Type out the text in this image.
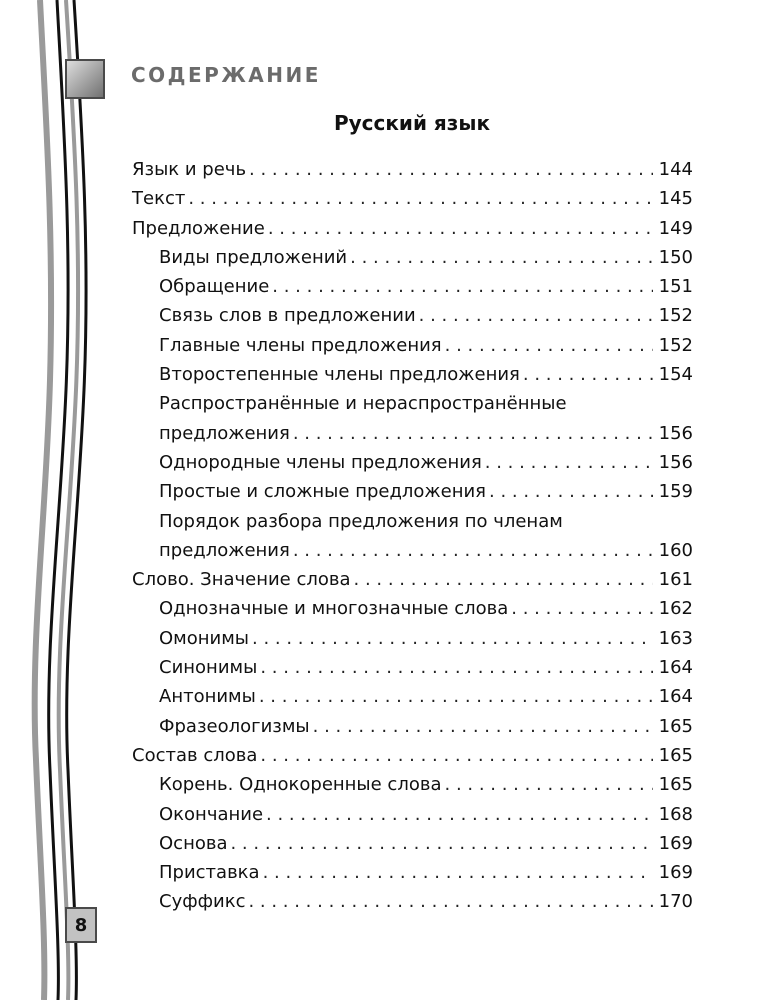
СОДЕРЖАНИЕ
Русский язык
Язык и речь . . .	144
Текст . . .	145
Предложение . . .	149
Виды предложений . . .	150
Обращение . . .	151
Связь слов в предложении . . .	152
Главные члены предложения . . .	152
Второстепенные члены предложения . . .	154
Распространённые и нераспространённые
предложения . . .	156
Однородные члены предложения . . .	156
Простые и сложные предложения . . .	159
Порядок разбора предложения по членам
предложения . . .	160
Слово. Значение слова . . .	161
Однозначные и многозначные слова . . .	162
Омонимы . . .	163
Синонимы . . .	164
Антонимы . . .	164
Фразеологизмы . . .	165
Состав слова . . .	165
Корень. Однокоренные слова . . .	165
Окончание . . .	168
Основа . . .	169
Приставка . . .	169
Суффикс . . .	170
8
